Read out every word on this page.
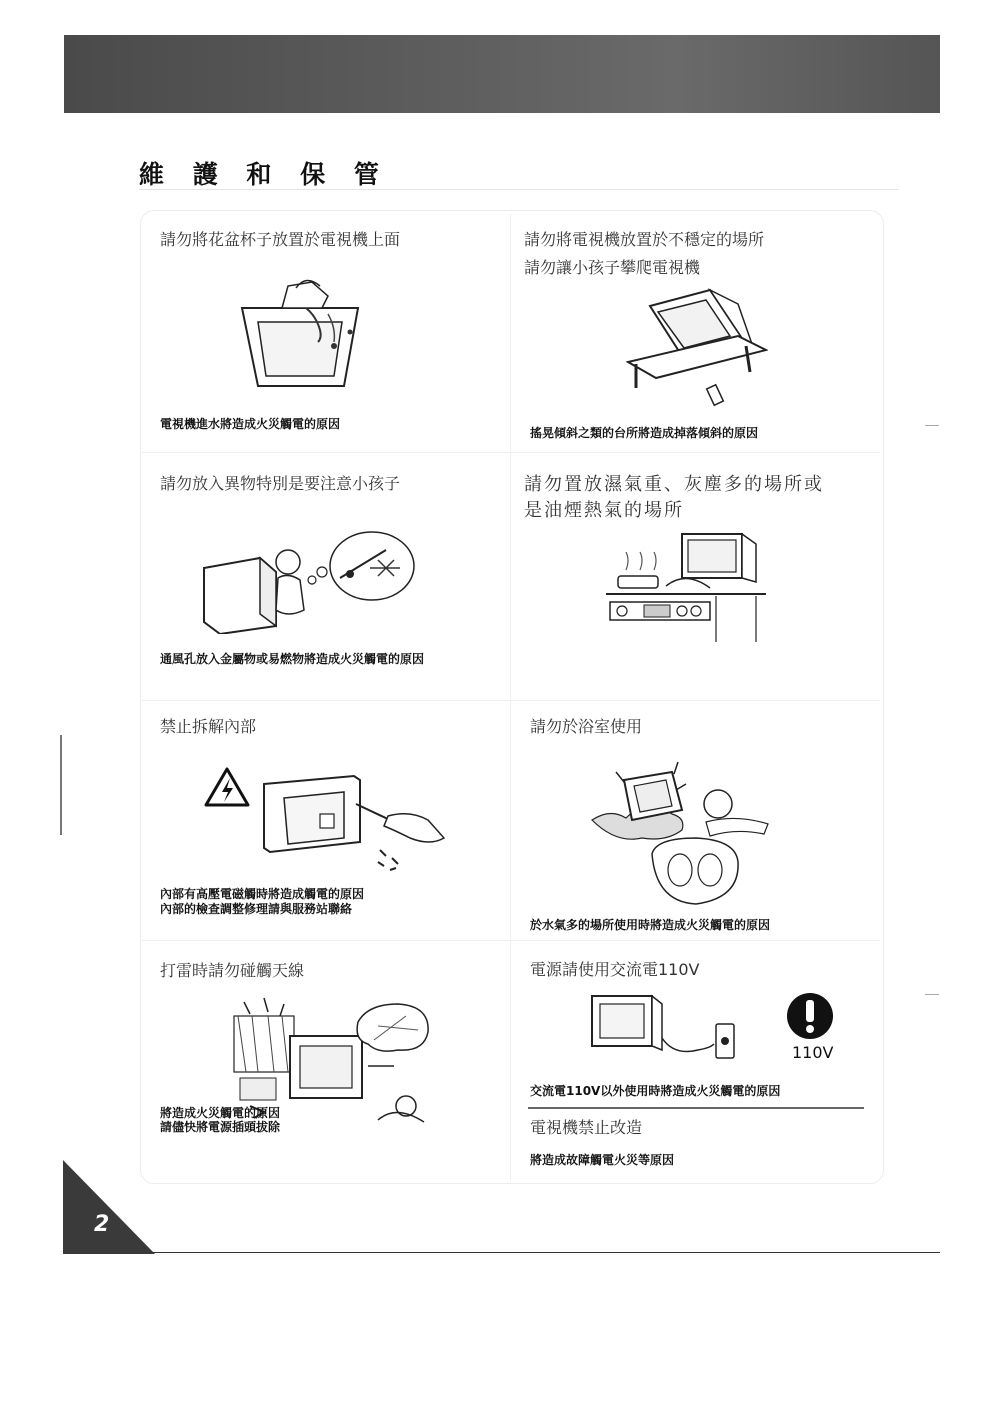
維 護 和 保 管
請勿將花盆杯子放置於電視機上面
電視機進水將造成火災觸電的原因
請勿將電視機放置於不穩定的場所
請勿讓小孩子攀爬電視機
搖晃傾斜之類的台所將造成掉落傾斜的原因
請勿放入異物特別是要注意小孩子
通風孔放入金屬物或易燃物將造成火災觸電的原因
請勿置放濕氣重、灰塵多的場所或
是油煙熱氣的場所
禁止拆解內部
內部有高壓電磁觸時將造成觸電的原因
內部的檢查調整修理請與服務站聯絡
請勿於浴室使用
於水氣多的場所使用時將造成火災觸電的原因
打雷時請勿碰觸天線
將造成火災觸電的原因
請儘快將電源插頭拔除
電源請使用交流電110V
110V
交流電110V以外使用時將造成火災觸電的原因
電視機禁止改造
將造成故障觸電火災等原因
2
